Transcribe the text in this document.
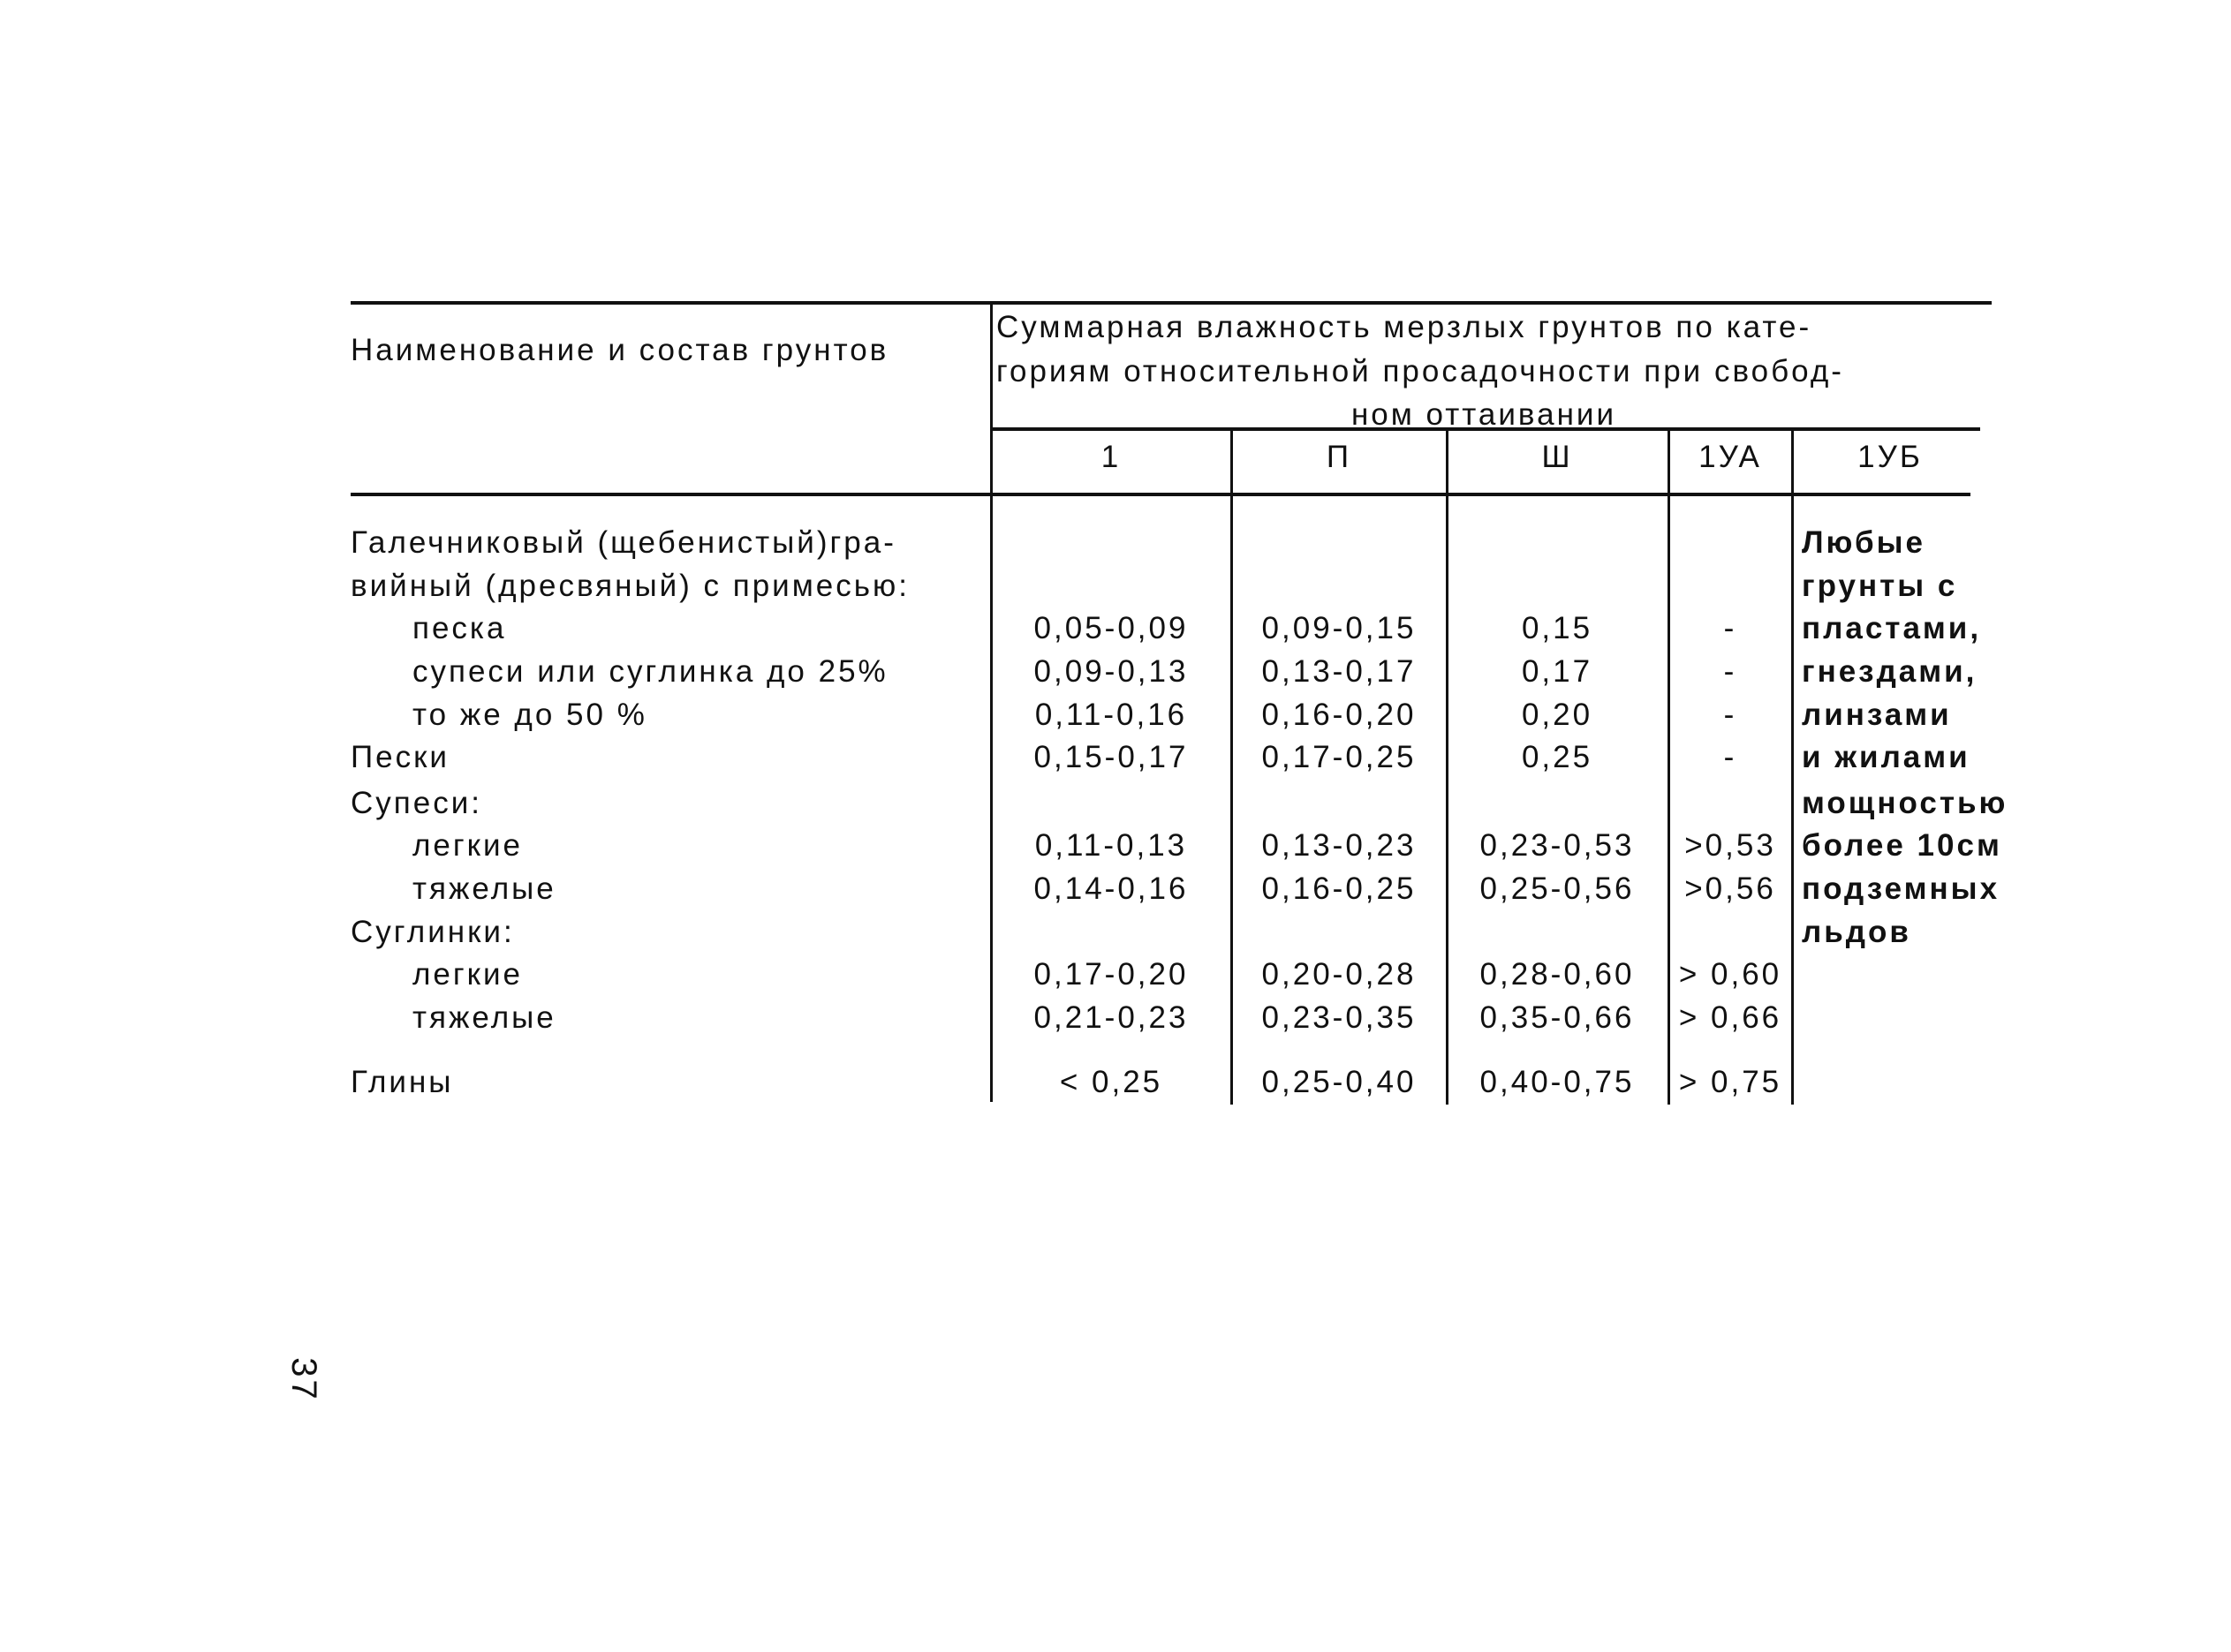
Наименование и состав грунтов
Суммарная влажность мерзлых грунтов по кате-
гориям относительной просадочности при свобод-
ном оттаивании
1	П	Ш	1УА	1УБ
Галечниковый (щебенистый)гра-
вийный (дресвяный) с примесью:
песка	0,05-0,09 0,09-0,15	0,15	-
супеси или суглинка до 25%	0,09-0,13 0,13-0,17	0,17	-
то же до 50 %	0,11-0,16 0,16-0,20	0,20	-
Пески	0,15-0,17 0,17-0,25	0,25	-
Супеси:
легкие	0,11-0,13 0,13-0,23 0,23-0,53 >0,53
тяжелые	0,14-0,16 0,16-0,25 0,25-0,56 >0,56
Суглинки:
легкие	0,17-0,20 0,20-0,28 0,28-0,60 > 0,60
тяжелые	0,21-0,23 0,23-0,35 0,35-0,66 > 0,66
Глины	< 0,25	0,25-0,40 0,40-0,75 > 0,75
Любые
грунты с
пластами,
гнездами,
линзами
и жилами
мощностью
более 10см
подземных
льдов
37
